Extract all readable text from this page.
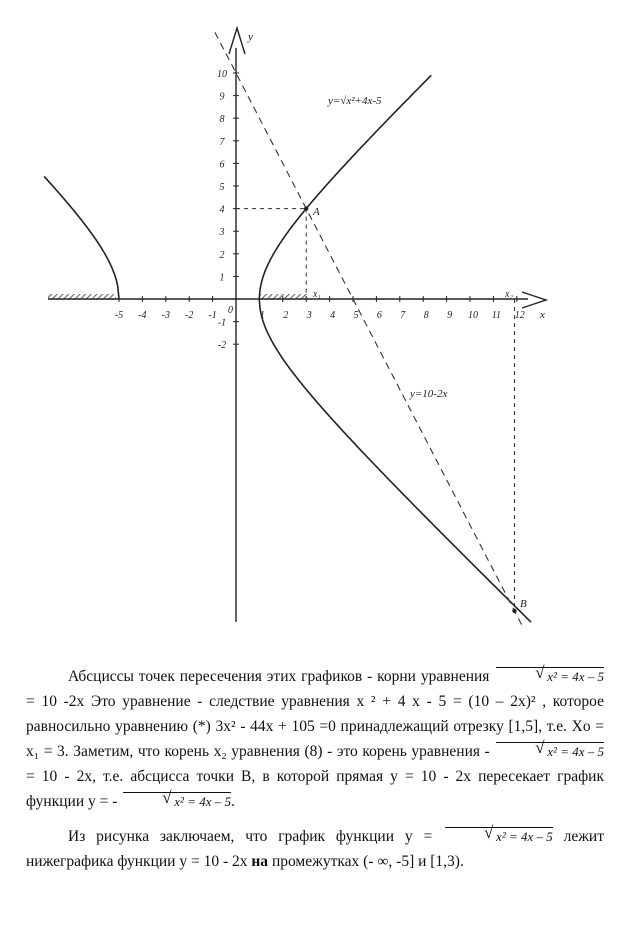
10
9
8
7
6
5
4
3
2
1
-1
-2
-5 -4 -3 -2 -1	1 2 3 4 5 6 7 8 9 10 11 12
y
x
0
y=√x²+4x-5
y=10-2x
A
B
x₁	x₂

Абсциссы точек пересечения этих графиков - корни уравнения	√ x² = 4x – 5 = 10 -2x Это уравнение - следствие уравнения x ² + 4 x - 5 = (10 – 2x)² , которое равносильно уравнению (*) 3x² - 44x + 105 =0 принадлежащий отрезку [1,5], т.е. Xo = x₁ = 3. Заметим, что корень x₂ уравнения (8) - это корень уравнения -	√ x² = 4x – 5 = 10 - 2x, т.е. абсцисса точки B, в которой прямая y = 10 - 2x пересекает график функции y = -	√ x² = 4x – 5.

Из рисунка заключаем, что график функции y =	√ x² = 4x – 5 лежит нижеграфика функции y = 10 - 2x на промежутках (- ∞, -5] и [1,3).
